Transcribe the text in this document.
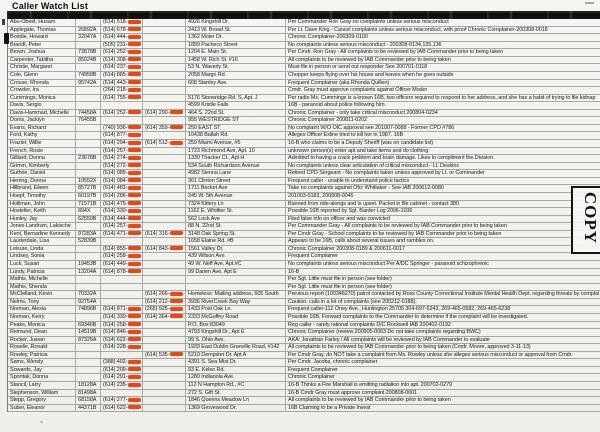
Caller Watch List
Abu-Obeid, Husam	(614) 518-	4926 Kingshill Dr.	Per Commander Ron Gray no complaints unless serious misconduct
Applegate, Thomas	26892A	(614) 678-	2413 W. Broad St.	Per Lt. Dave King - Cancel complaints unless serious misconduct, with proof Chronic Complainer-200308-0018
Boddie, Howard	32047A	(614) 444-	1362 Moler Dr.	Chronic Complainer-200309-0100
Brandt, Peter	(505) 231-	1899 Pacheco Street	No complaints unless serious misconduct - 200308-0134,135,136
Brown, Joshua	73878B	(614) 252-	1204 E. Main St.	Per Cmdr. Ron Gray - All complaints to be reviewed by IAB Commander prior to being taken
Carpenter, Tabitha	85024B	(614) 308-	1458 W. Rich St. #16	All complaints to be reviewed by IAB Commander prior to being taken
Christie, Margaret	(614) 237-	53 N. Waverly St.	Must file in person or send out responder See 200701-0118
Cole, Glenn	74958B	(614) 885-	2058 Margo Rd.	Chopper keeps flying over his house and leaves when he goes outside
Crouse, Rhonda	95742A	(614) 443-	608 Stanley Ave.	Frequent Complainer (aka Rhonda Quillen)
Crowder, Ira	(264) 218-	Cmdr. Gray must approve complaints against Officer Moder
Cummings, Monica	(614) 755-	5176 Stoneridge Rd. S, Apt. J	Per radio Ms. Cummings is a known 16B, two officers required to respond to her address, and she has a habit of trying to file kidnap
Davis, Sergio	4599 Kristle Falls	16B - paranoid about police following him.
Davis-Hammad, Michelle	74458A	(614) 252-	(614) 290-	464 S. 22nd St.	Chronic Complainer - only take critical misconduct 200804-0234
Dorris, Jacklyn	76455B	955 WESTRIDGE ST	Chronic Complainer 200811-0202
Evans, Richard	(740) 936-	(614) 359-	250 EAST ST	No complaint W/O OIC approval see 201007-0088 - Former CPD #786
Ford, Kathy	(614) 877-	10438 Ballah Rd.	Alleges Officer Exline tried to kill her in 1987. 16B
Frazier, Willie	(614) 294-	(614) 512-	259 Miami Avenue, #5	16-B who claims to be a Deputy Sheriff (was on candidate list)
French, Rosie	(614) 257-	1723 Richmond Ave, Apt. 10	unknown person(s) enter apt and take items and do clothing
Gilliard, Donna	23678B	(614) 274-	1330 Thacker Ct., Apt H	Admitted to having a crack problem and brain damage. Likes to compliment the Division.
Grimm, Kimberly	(614) 272-	534 South Richardson Avenue	No complaints unless clear articulation of critical misconduct - Lt. Deskins
Guthrie, Daniel	(614) 985-	4982 Sienna Lane	Retired CPD Sergeant - No complaints taken unless approved by Lt. or Commander
Herring, Donna	10552X	(614) 984-	361 Clinton Street	Frequent caller - unable to understand police tactics
Hillbrand, Eileen	85727B	(614) 483-	1711 Becket Ave	Take no complaints against Ofcr Whittaker - See IAB 200612-0080
Hoepf, Timothy	60197B	(614) 286-	245 W. 5th Avenue	201003-0183, 200908-0045
Holliman, John	71571B	(614) 475-	7324 Kittery Ln	Banned from ride-alongs and is upset. Packet in file cabinet - contact 380
Hostetler, Keith	894X	(614) 330-	1162 E. Whittier St.	Possible 16B reported by Sgt. Barder Log 2006-1036
Hunley, Jay	62550B	(614) 444-	562 Lock Ave	Filed false info on officer and was convicted
Jones-Landrum, Lakische	(614) 257-	88 N. 22nd St.	Per Commander Gray - All complaints to be reviewed by IAB Commander prior to being taken
Kent, Bernadine Kennedy	97283A	(614) 471-	(614) 316-	3148 Oak Spring St.	Per Cmdr Gray - School complaints to be reviewed by IAB Commander prior to being taken
Lauderdale, Lisa	52839B	1658 Elaine Rd. #B	Appears to be 16B, calls about several issues and rambles on.
Leisure, Linda	(614) 855-	(614) 843-	1561 Valley Dr.	Chronic Complainer 200308-0189 & 200611-0017
Lindsey, Sonia	(614) 258-	439 Wilson Ave.	Frequent Complainer
Luck, Susan	19453B	(614) 449-	49 W. Neff Ave, Apt.#C	No complaints unless serious misconduct Per A/DC Springer - paranoid schizophrenic
Lundy, Patricia	13204A	(614) 878-	99 Darien Ave, Apt E	16-B
Mathis, Michelle	Per Sgt. Little must file in person (see folder)
Mathis, Shenda	Per Sgt. Little must file in person (see folder)
McClelland, Kevin	70332A	(614) 266-	Homeless: Mailing address, 605 South	Previous report (100348270) patrol contacted by Ross County Correctional Institute Mental Health Dept. regarding threats by complai
Nelms, Tony	92754A	(614) 212-	3936 RiverCreek Bay Way	Caution: calls in a lot of complaints (see 200212-0188).
Norman, Alexia	74896B	(614) 871-	(265) 925-	1433 Post Oak Ln.	Frequent caller-112 Oney Ave., Huntington 25705 304-697-5243, 269-465-0582, 269-465-6238
Norman, Kerry	(614) 330-	(614) 364-	2333 McGuffey Road	Possible 16B. Forward complaints to the Commander to determine if the complaint will be investigated.
Peaks, Monica	69346B	(614) 258-	P.O. Box 83049	Reg caller - rarely rational complaints D/C Rockwell IAB 200402-0192
Reimund, Dean	14519B	(614) 846-	4793 Kingshill Dr., Apt E	Chronic Complainer (review 200905-0063 Do not take complaints regarding BWC)
Rocker, Juwan	87325A	(614) 622-	99 S. Ohio Ave.	AKA: Jonathan Farley / All complaints will be reviewed by IAB Commander to evaluate
Roselle, Ronald	(614) 228-	1933 East Dublin Granville Road, #142	All complaints to be reviewed by IAB Commander prior to being taken (Cmdr. Moore, approved 3-11-13)
Rowley, Patricia	(614) 535-	5210 Dempster Dr. Apt A	Per Cmdr Gray, do NOT take a complaint from Ms. Rowley unless she alleges serious misconduct or approval from Cmdr.
Sams, Wendy	(388) 402-	4391 S. Sea Mist Dr.	Per Cmdr. Jacobs, chronic complainer
Sowards, Jay	(614) 209-	93 E. Kelso Rd.	Frequent Complainer
Spontak, Donna	(614) 291-	1280 Indianola Ave.	Chronic Complainer
Stancil, Larry	18128A	(614) 235-	112 N Hampton Rd., #C	16-B Thinks a Fire Marshall is emitting radiation into apt. 200702-0279
Stephenson, William	81498A	272 S. Gift St.	16-B Cmdr Gray must approve complaint 200808-0001
Stepp, Gregory	68158A	(614) 277-	1846 Queens Meadow Ln	All complaints to be reviewed by IAB Commander prior to being taken
Suber, Eleanor	44371B	(614) 622-	1369 Grovewood Dr.	16B Claiming to be a Private Invest
COPY
